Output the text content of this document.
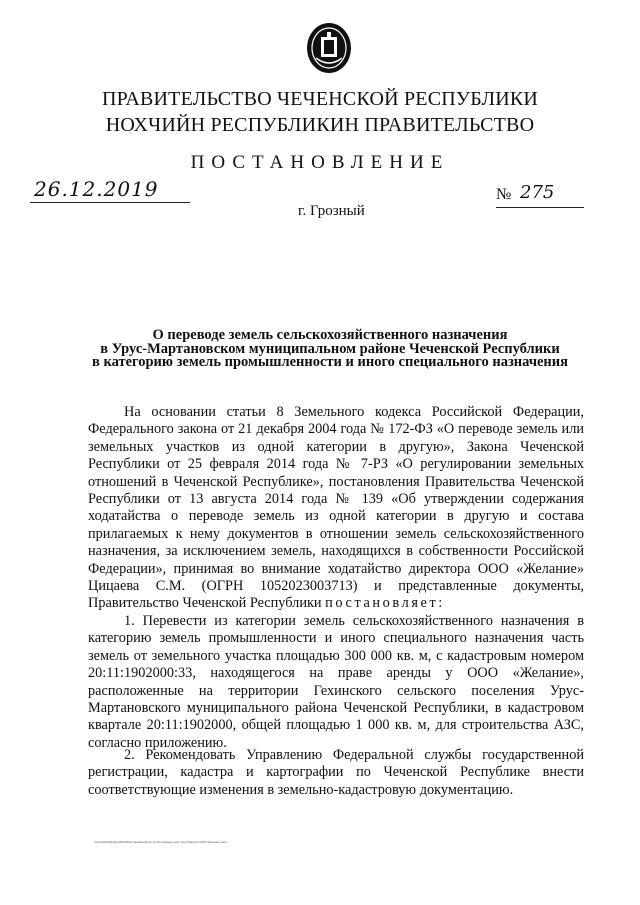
ПРАВИТЕЛЬСТВО ЧЕЧЕНСКОЙ РЕСПУБЛИКИ
НОХЧИЙН РЕСПУБЛИКИН ПРАВИТЕЛЬСТВО
ПОСТАНОВЛЕНИЕ
26.12.2019	№ 275
г. Грозный
О переводе земель сельскохозяйственного назначения
в Урус-Мартановском муниципальном районе Чеченской Республики
в категорию земель промышленности и иного специального назначения

На основании статьи 8 Земельного кодекса Российской Федерации, Федерального закона от 21 декабря 2004 года № 172-ФЗ «О переводе земель или земельных участков из одной категории в другую», Закона Чеченской Республики от 25 февраля 2014 года № 7-РЗ «О регулировании земельных отношений в Чеченской Республике», постановления Правительства Чеченской Республики от 13 августа 2014 года № 139 «Об утверждении содержания ходатайства о переводе земель из одной категории в другую и состава прилагаемых к нему документов в отношении земель сельскохозяйственного назначения, за исключением земель, находящихся в собственности Российской Федерации», принимая во внимание ходатайство директора ООО «Желание» Цицаева С.М. (ОГРН 1052023003713) и представленные документы, Правительство Чеченской Республики постановляет:

1. Перевести из категории земель сельскохозяйственного назначения в категорию земель промышленности и иного специального назначения часть земель от земельного участка площадью 300 000 кв. м, с кадастровым номером 20:11:1902000:33, находящегося на праве аренды у ООО «Желание», расположенные на территории Гехинского сельского поселения Урус-Мартановского муниципального района Чеченской Республики, в кадастровом квартале 20:11:1902000, общей площадью 1 000 кв. м, для строительства АЗС, согласно приложению.

2. Рекомендовать Управлению Федеральной службы государственной регистрации, кадастра и картографии по Чеченской Республике внести соответствующие изменения в земельно-кадастровую документацию.

\\srv\ОО\Ю\Добро\2019\Распоряжения\12.12.19 перевод земл Урус-Мартан ООО Желание.docx
